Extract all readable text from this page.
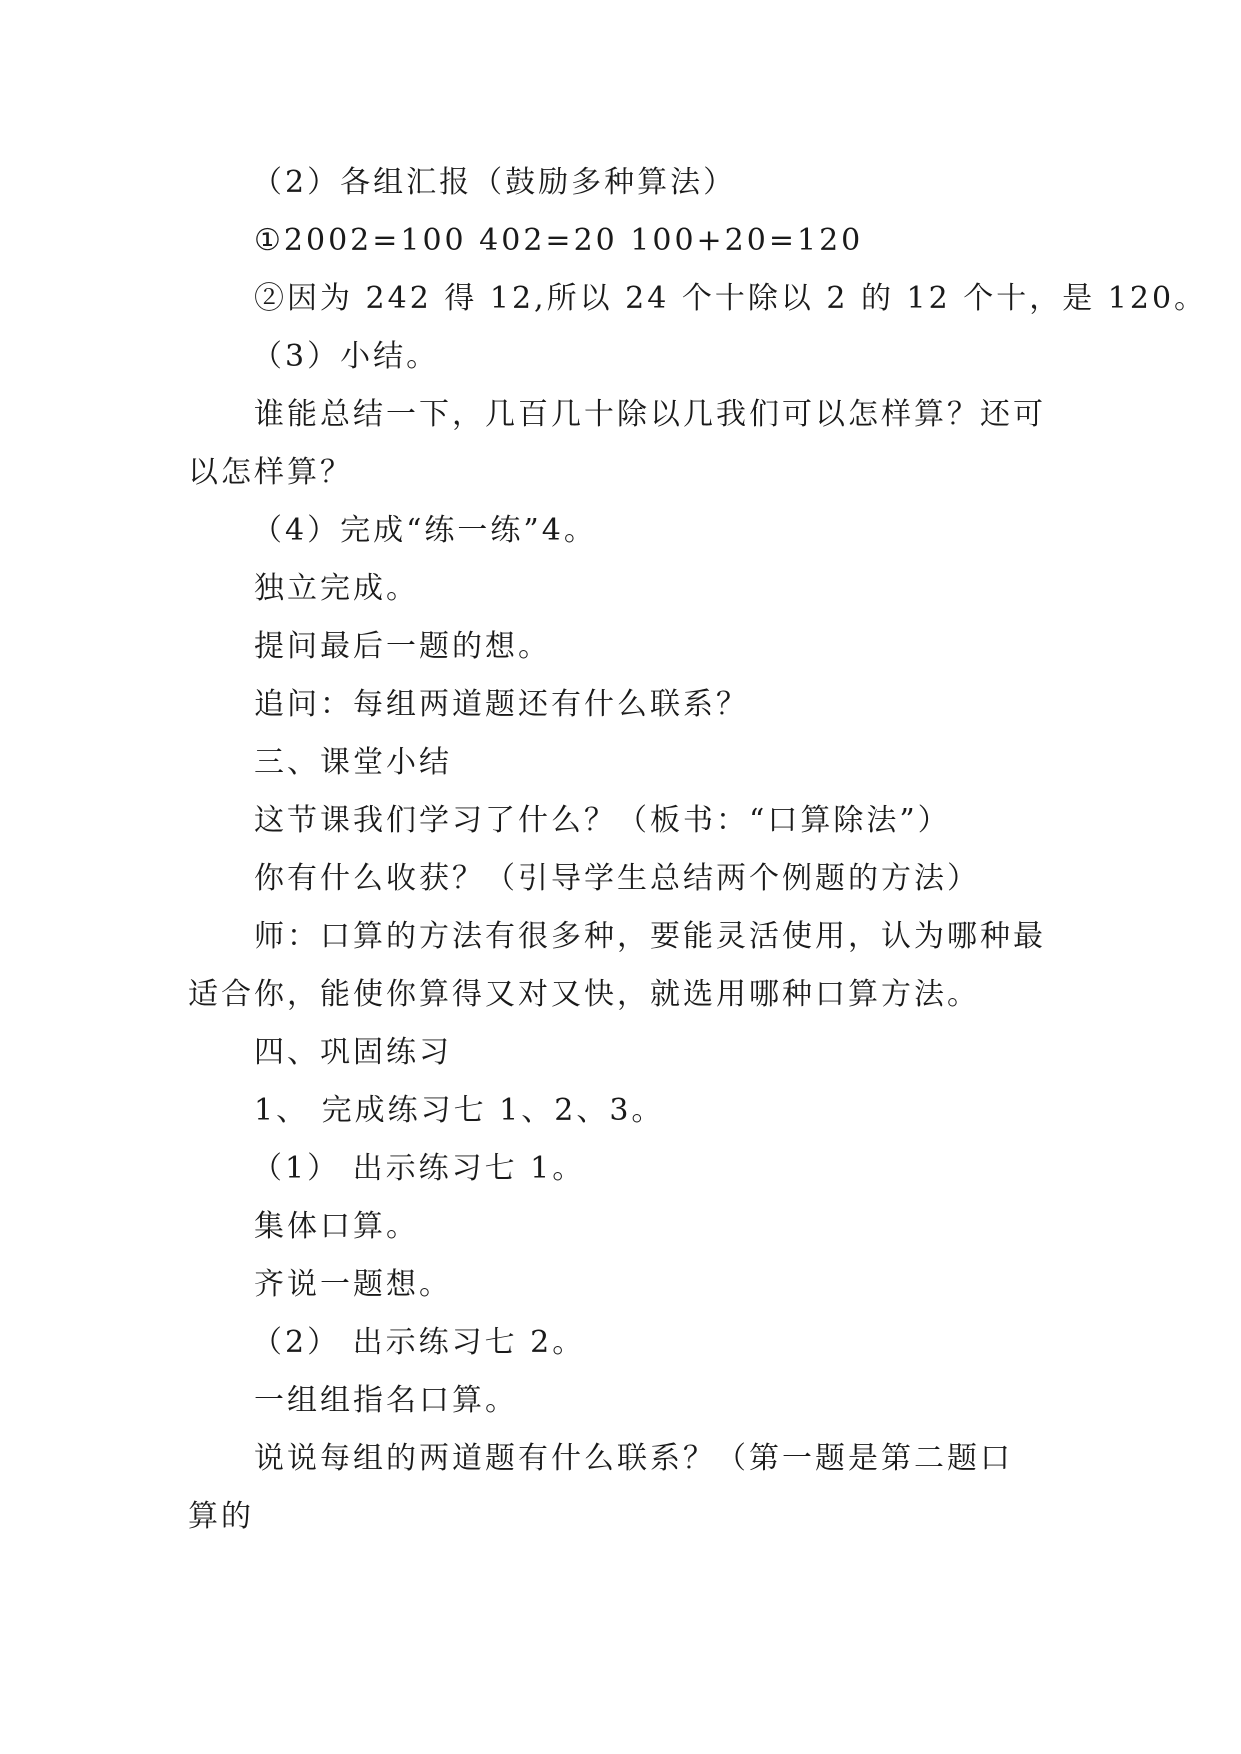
（2）各组汇报（鼓励多种算法）
①2002=100 402=20 100+20=120
②因为 242 得 12,所以 24 个十除以 2 的 12 个十，是 120。
（3）小结。
谁能总结一下，几百几十除以几我们可以怎样算？还可
以怎样算？
（4）完成“练一练”4。
独立完成。
提问最后一题的想。
追问：每组两道题还有什么联系？
三、课堂小结
这节课我们学习了什么？（板书：“口算除法”）
你有什么收获？（引导学生总结两个例题的方法）
师：口算的方法有很多种，要能灵活使用，认为哪种最
适合你，能使你算得又对又快，就选用哪种口算方法。
四、巩固练习
1、 完成练习七 1、2、3。
（1） 出示练习七 1。
集体口算。
齐说一题想。
（2） 出示练习七 2。
一组组指名口算。
说说每组的两道题有什么联系？（第一题是第二题口
算的
